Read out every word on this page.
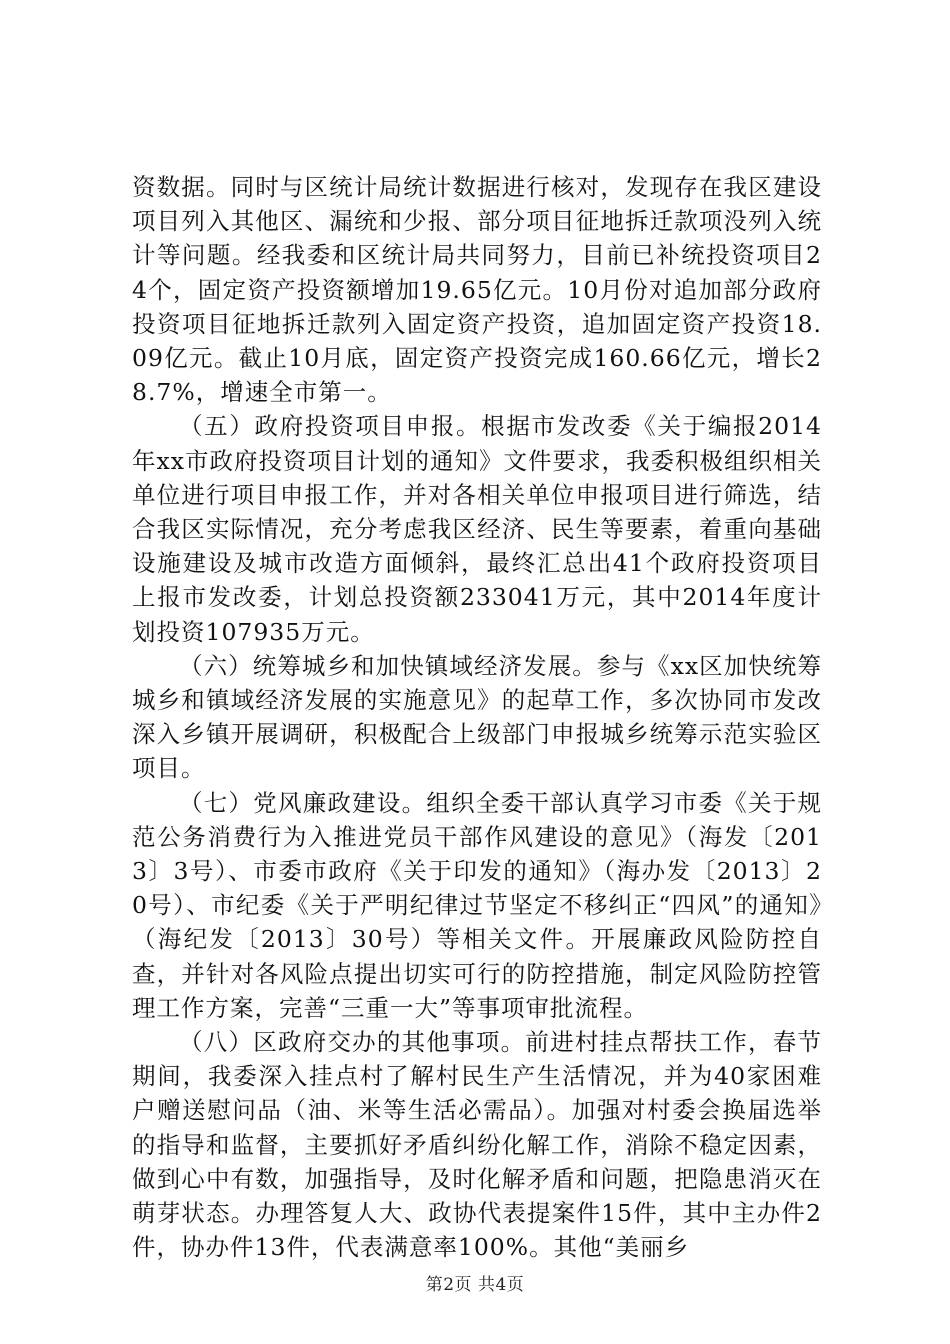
资数据。同时与区统计局统计数据进行核对，发现存在我区建设项目列入其他区、漏统和少报、部分项目征地拆迁款项没列入统计等问题。经我委和区统计局共同努力，目前已补统投资项目24个，固定资产投资额增加19.65亿元。10月份对追加部分政府投资项目征地拆迁款列入固定资产投资，追加固定资产投资18.09亿元。截止10月底，固定资产投资完成160.66亿元，增长28.7%，增速全市第一。

（五）政府投资项目申报。根据市发改委《关于编报2014年xx市政府投资项目计划的通知》文件要求，我委积极组织相关单位进行项目申报工作，并对各相关单位申报项目进行筛选，结合我区实际情况，充分考虑我区经济、民生等要素，着重向基础设施建设及城市改造方面倾斜，最终汇总出41个政府投资项目上报市发改委，计划总投资额233041万元，其中2014年度计划投资107935万元。

（六）统筹城乡和加快镇域经济发展。参与《xx区加快统筹城乡和镇域经济发展的实施意见》的起草工作，多次协同市发改深入乡镇开展调研，积极配合上级部门申报城乡统筹示范实验区项目。

（七）党风廉政建设。组织全委干部认真学习市委《关于规范公务消费行为入推进党员干部作风建设的意见》（海发〔2013〕3号）、市委市政府《关于印发的通知》（海办发〔2013〕20号）、市纪委《关于严明纪律过节坚定不移纠正“四风”的通知》（海纪发〔2013〕30号）等相关文件。开展廉政风险防控自查，并针对各风险点提出切实可行的防控措施，制定风险防控管理工作方案，完善“三重一大”等事项审批流程。

（八）区政府交办的其他事项。前进村挂点帮扶工作，春节期间，我委深入挂点村了解村民生产生活情况，并为40家困难户赠送慰问品（油、米等生活必需品）。加强对村委会换届选举的指导和监督，主要抓好矛盾纠纷化解工作，消除不稳定因素，做到心中有数，加强指导，及时化解矛盾和问题，把隐患消灭在萌芽状态。办理答复人大、政协代表提案件15件，其中主办件2件，协办件13件，代表满意率100%。其他“美丽乡

第2页 共4页
